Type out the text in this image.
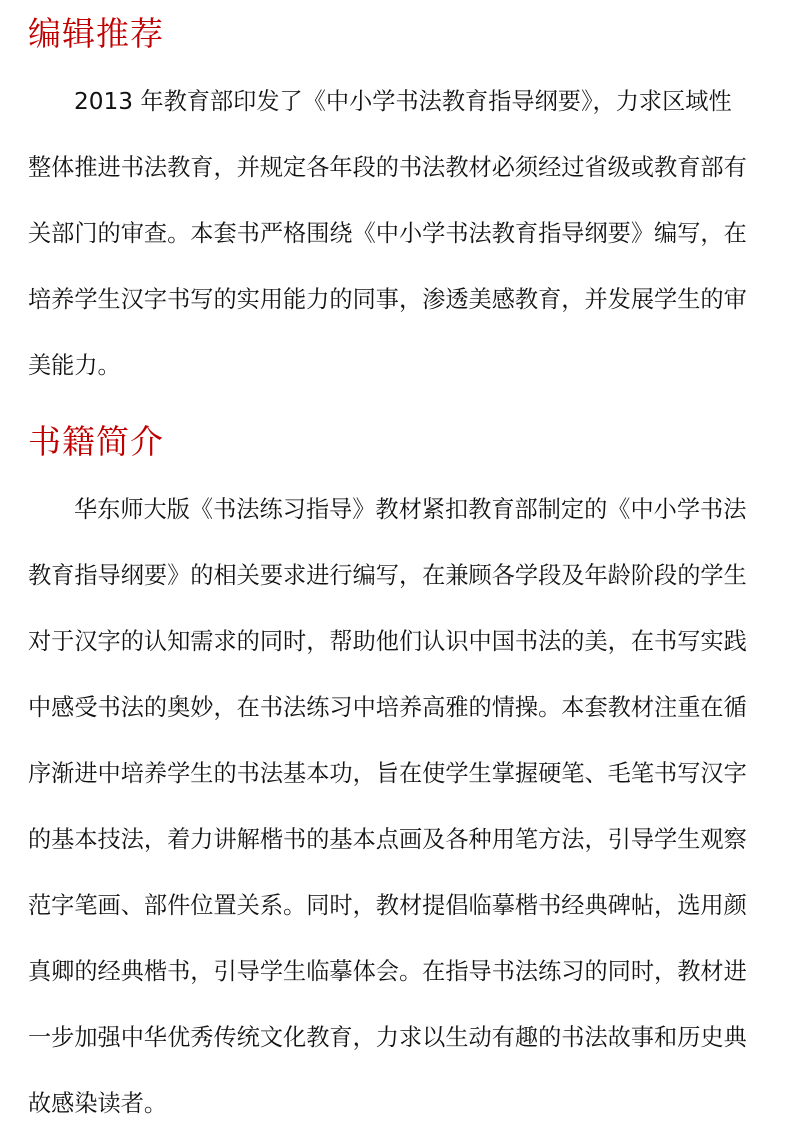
编辑推荐

2013 年教育部印发了《中小学书法教育指导纲要》，力求区域性

整体推进书法教育，并规定各年段的书法教材必须经过省级或教育部有

关部门的审查。本套书严格围绕《中小学书法教育指导纲要》编写，在

培养学生汉字书写的实用能力的同事，渗透美感教育，并发展学生的审

美能力。

书籍简介

华东师大版《书法练习指导》教材紧扣教育部制定的《中小学书法

教育指导纲要》的相关要求进行编写，在兼顾各学段及年龄阶段的学生

对于汉字的认知需求的同时，帮助他们认识中国书法的美，在书写实践

中感受书法的奥妙，在书法练习中培养高雅的情操。本套教材注重在循

序渐进中培养学生的书法基本功，旨在使学生掌握硬笔、毛笔书写汉字

的基本技法，着力讲解楷书的基本点画及各种用笔方法，引导学生观察

范字笔画、部件位置关系。同时，教材提倡临摹楷书经典碑帖，选用颜

真卿的经典楷书，引导学生临摹体会。在指导书法练习的同时，教材进

一步加强中华优秀传统文化教育，力求以生动有趣的书法故事和历史典

故感染读者。
